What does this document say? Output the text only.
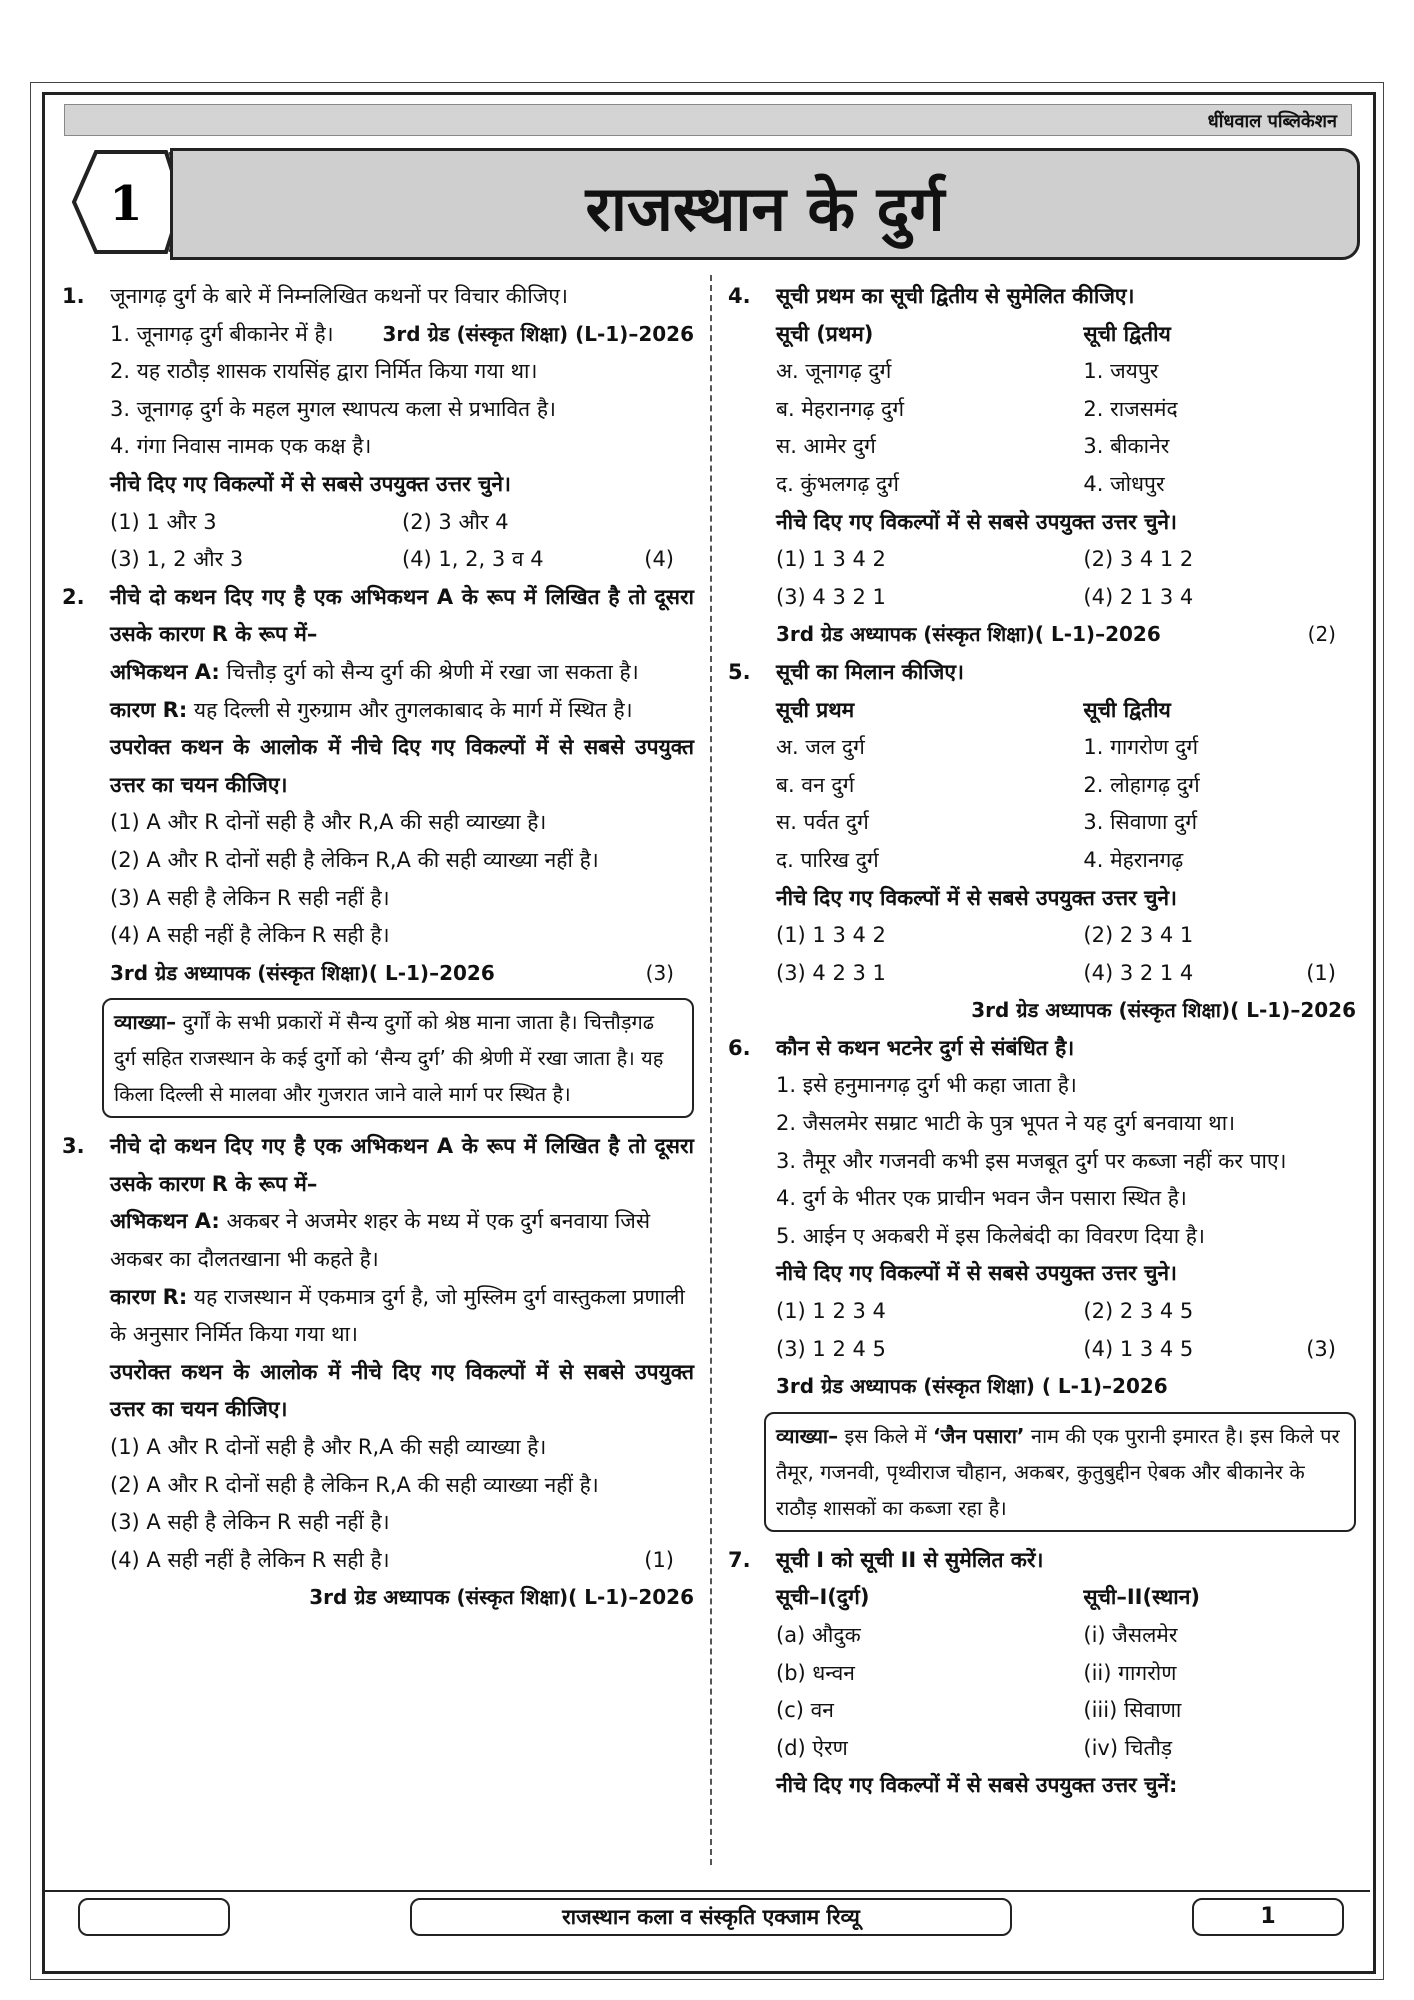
धींधवाल पब्लिकेशन
1	राजस्थान के दुर्ग
1. जूनागढ़ दुर्ग के बारे में निम्नलिखित कथनों पर विचार कीजिए।
3rd ग्रेड (संस्कृत शिक्षा) (L-1)–2026
1. जूनागढ़ दुर्ग बीकानेर में है।
2. यह राठौड़ शासक रायसिंह द्वारा निर्मित किया गया था।
3. जूनागढ़ दुर्ग के महल मुगल स्थापत्य कला से प्रभावित है।
4. गंगा निवास नामक एक कक्ष है।
नीचे दिए गए विकल्पों में से सबसे उपयुक्त उत्तर चुने।
(1) 1 और 3	(2) 3 और 4
(3) 1, 2 और 3	(4) 1, 2, 3 व 4	(4)
2. नीचे दो कथन दिए गए है एक अभिकथन A के रूप में लिखित है तो दूसरा उसके कारण R के रूप में–
अभिकथन A: चित्तौड़ दुर्ग को सैन्य दुर्ग की श्रेणी में रखा जा सकता है।
कारण R: यह दिल्ली से गुरुग्राम और तुगलकाबाद के मार्ग में स्थित है।
उपरोक्त कथन के आलोक में नीचे दिए गए विकल्पों में से सबसे उपयुक्त उत्तर का चयन कीजिए।
(1) A और R दोनों सही है और R,A की सही व्याख्या है।
(2) A और R दोनों सही है लेकिन R,A की सही व्याख्या नहीं है।
(3) A सही है लेकिन R सही नहीं है।
(4) A सही नहीं है लेकिन R सही है।
3rd ग्रेड अध्यापक (संस्कृत शिक्षा)( L-1)–2026	(3)
व्याख्या– दुर्गों के सभी प्रकारों में सैन्य दुर्गो को श्रेष्ठ माना जाता है। चित्तौड़गढ दुर्ग सहित राजस्थान के कई दुर्गो को ‘सैन्य दुर्ग’ की श्रेणी में रखा जाता है। यह किला दिल्ली से मालवा और गुजरात जाने वाले मार्ग पर स्थित है।
3. नीचे दो कथन दिए गए है एक अभिकथन A के रूप में लिखित है तो दूसरा उसके कारण R के रूप में–
अभिकथन A: अकबर ने अजमेर शहर के मध्य में एक दुर्ग बनवाया जिसे अकबर का दौलतखाना भी कहते है।
कारण R: यह राजस्थान में एकमात्र दुर्ग है, जो मुस्लिम दुर्ग वास्तुकला प्रणाली के अनुसार निर्मित किया गया था।
उपरोक्त कथन के आलोक में नीचे दिए गए विकल्पों में से सबसे उपयुक्त उत्तर का चयन कीजिए।
(1) A और R दोनों सही है और R,A की सही व्याख्या है।
(2) A और R दोनों सही है लेकिन R,A की सही व्याख्या नहीं है।
(3) A सही है लेकिन R सही नहीं है।
(4) A सही नहीं है लेकिन R सही है।	(1)
3rd ग्रेड अध्यापक (संस्कृत शिक्षा)( L-1)–2026
4. सूची प्रथम का सूची द्वितीय से सुमेलित कीजिए।
सूची (प्रथम)	सूची द्वितीय
अ. जूनागढ़ दुर्ग	1. जयपुर
ब. मेहरानगढ़ दुर्ग	2. राजसमंद
स. आमेर दुर्ग	3. बीकानेर
द. कुंभलगढ़ दुर्ग	4. जोधपुर
नीचे दिए गए विकल्पों में से सबसे उपयुक्त उत्तर चुने।
(1) 1 3 4 2	(2) 3 4 1 2
(3) 4 3 2 1	(4) 2 1 3 4
3rd ग्रेड अध्यापक (संस्कृत शिक्षा)( L-1)–2026	(2)
5. सूची का मिलान कीजिए।
सूची प्रथम	सूची द्वितीय
अ. जल दुर्ग	1. गागरोण दुर्ग
ब. वन दुर्ग	2. लोहागढ़ दुर्ग
स. पर्वत दुर्ग	3. सिवाणा दुर्ग
द. पारिख दुर्ग	4. मेहरानगढ़
नीचे दिए गए विकल्पों में से सबसे उपयुक्त उत्तर चुने।
(1) 1 3 4 2	(2) 2 3 4 1
(3) 4 2 3 1	(4) 3 2 1 4	(1)
3rd ग्रेड अध्यापक (संस्कृत शिक्षा)( L-1)–2026
6. कौन से कथन भटनेर दुर्ग से संबंधित है।
1. इसे हनुमानगढ़ दुर्ग भी कहा जाता है।
2. जैसलमेर सम्राट भाटी के पुत्र भूपत ने यह दुर्ग बनवाया था।
3. तैमूर और गजनवी कभी इस मजबूत दुर्ग पर कब्जा नहीं कर पाए।
4. दुर्ग के भीतर एक प्राचीन भवन जैन पसारा स्थित है।
5. आईन ए अकबरी में इस किलेबंदी का विवरण दिया है।
नीचे दिए गए विकल्पों में से सबसे उपयुक्त उत्तर चुने।
(1) 1 2 3 4	(2) 2 3 4 5
(3) 1 2 4 5	(4) 1 3 4 5	(3)
3rd ग्रेड अध्यापक (संस्कृत शिक्षा) ( L-1)–2026
व्याख्या– इस किले में ‘जैन पसारा’ नाम की एक पुरानी इमारत है। इस किले पर तैमूर, गजनवी, पृथ्वीराज चौहान, अकबर, कुतुबुद्दीन ऐबक और बीकानेर के राठौड़ शासकों का कब्जा रहा है।
7. सूची I को सूची II से सुमेलित करें।
सूची–I(दुर्ग)	सूची–II(स्थान)
(a) औदुक	(i) जैसलमेर
(b) धन्वन	(ii) गागरोण
(c) वन	(iii) सिवाणा
(d) ऐरण	(iv) चितौड़
नीचे दिए गए विकल्पों में से सबसे उपयुक्त उत्तर चुनें:
राजस्थान कला व संस्कृति एक्जाम रिव्यू	1
